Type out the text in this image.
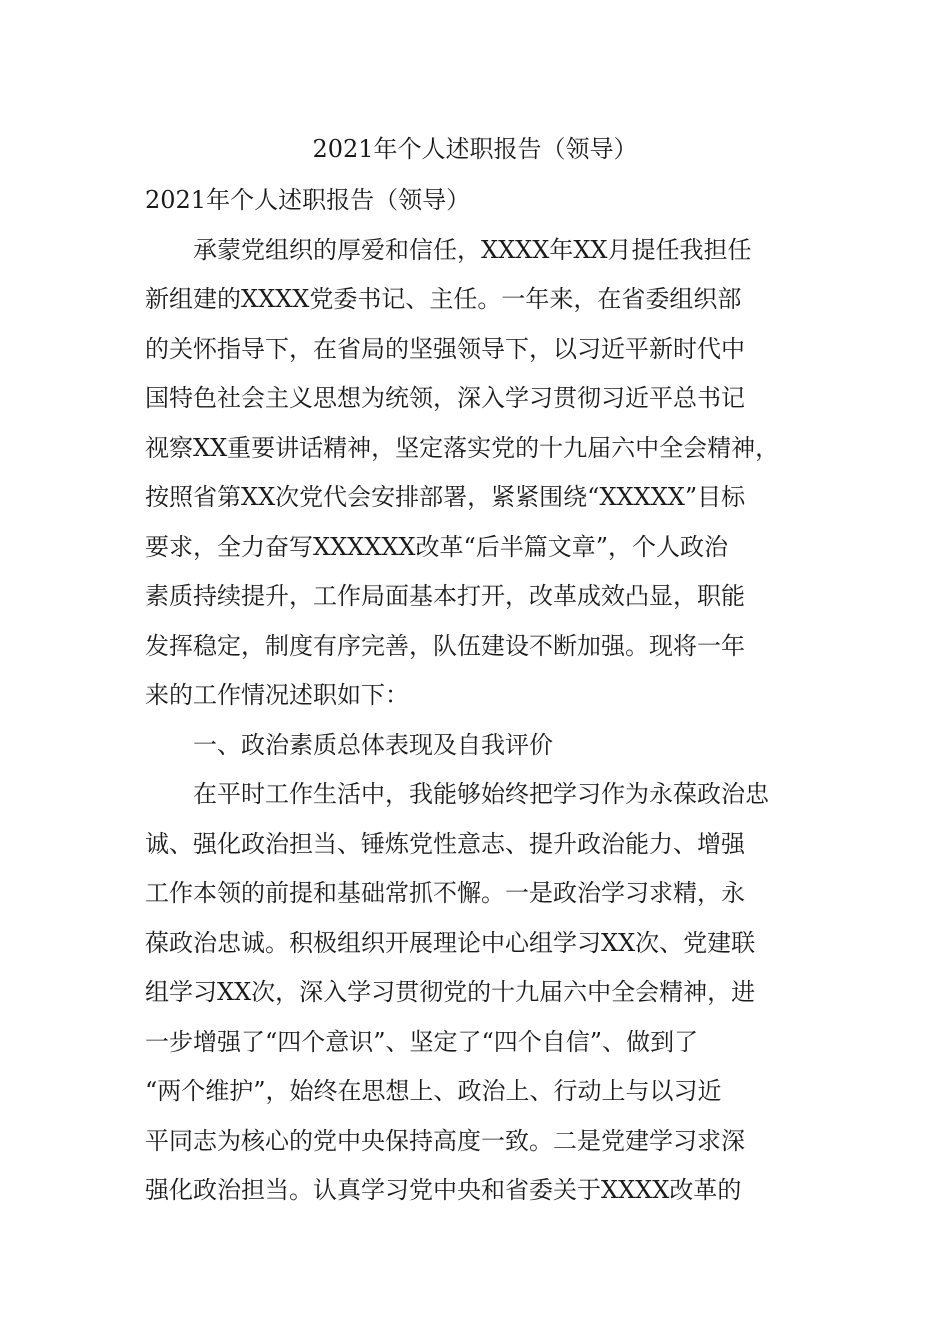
2021年个人述职报告（领导）
2021年个人述职报告（领导）
　　承蒙党组织的厚爱和信任，XXXX年XX月提任我担任
新组建的XXXX党委书记、主任。一年来，在省委组织部
的关怀指导下，在省局的坚强领导下，以习近平新时代中
国特色社会主义思想为统领，深入学习贯彻习近平总书记
视察XX重要讲话精神，坚定落实党的十九届六中全会精神，
按照省第XX次党代会安排部署，紧紧围绕“XXXXX”目标
要求，全力奋写XXXXXX改革“后半篇文章”，个人政治
素质持续提升，工作局面基本打开，改革成效凸显，职能
发挥稳定，制度有序完善，队伍建设不断加强。现将一年
来的工作情况述职如下：
　　一、政治素质总体表现及自我评价
　　在平时工作生活中，我能够始终把学习作为永葆政治忠
诚、强化政治担当、锤炼党性意志、提升政治能力、增强
工作本领的前提和基础常抓不懈。一是政治学习求精，永
葆政治忠诚。积极组织开展理论中心组学习XX次、党建联
组学习XX次，深入学习贯彻党的十九届六中全会精神，进
一步增强了“四个意识”、坚定了“四个自信”、做到了
“两个维护”，始终在思想上、政治上、行动上与以习近
平同志为核心的党中央保持高度一致。二是党建学习求深
强化政治担当。认真学习党中央和省委关于XXXX改革的
